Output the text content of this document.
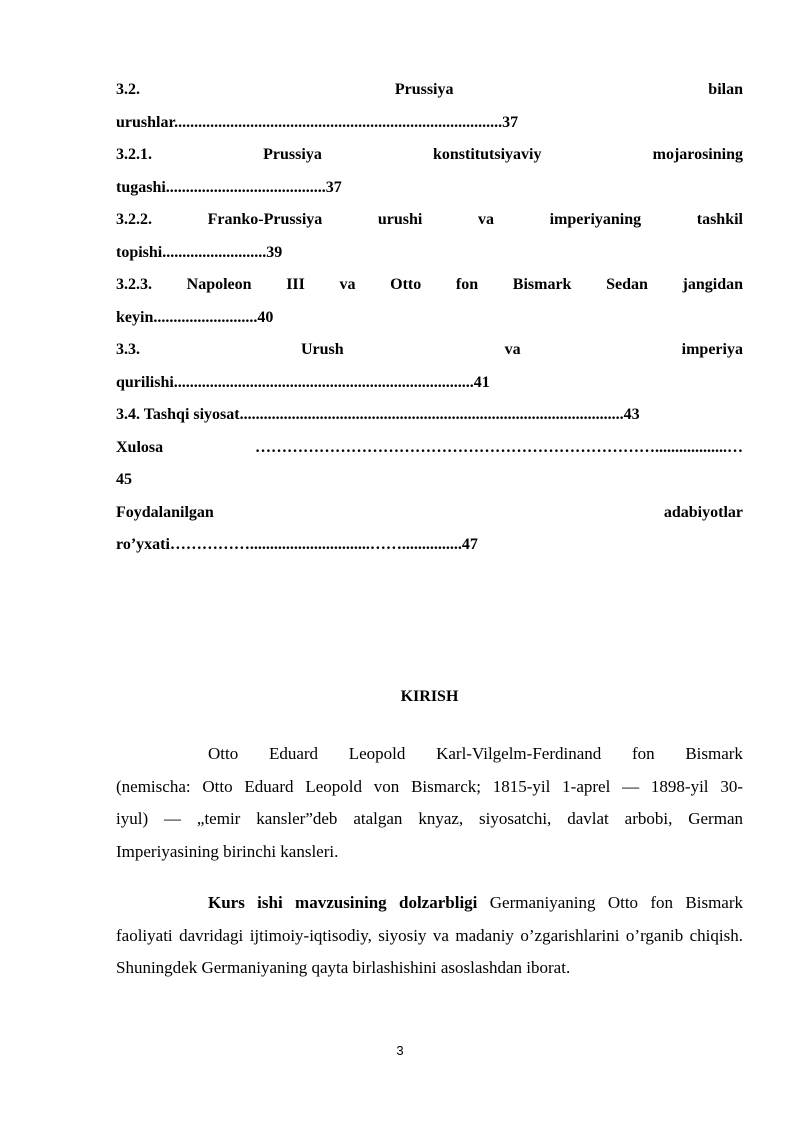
3.2.	Prussiya	bilan
urushlar..................................................................................37
3.2.1.	Prussiya	konstitutsiyaviy	mojarosining
tugashi........................................37
3.2.2.	Franko-Prussiya	urushi	va	imperiyaning	tashkil
topishi..........................39
3.2.3. Napoleon III va Otto fon Bismark Sedan jangidan
keyin..........................40
3.3.	Urush	va	imperiya
qurilishi...........................................................................41
3.4. Tashqi siyosat................................................................................................43
Xulosa	…………………………………………………………………..................…
45
Foydalanilgan	adabiyotlar
ro’yxati……………..............................……...............47
KIRISH
Otto Eduard Leopold Karl-Vilgelm-Ferdinand fon Bismark
(nemischa: Otto Eduard Leopold von Bismarck; 1815-yil 1-aprel — 1898-yil 30-
iyul) — „temir kansler”deb atalgan knyaz, siyosatchi, davlat arbobi, German
Imperiyasining birinchi kansleri.
Kurs ishi mavzusining dolzarbligi Germaniyaning Otto fon Bismark faoliyati davridagi ijtimoiy-iqtisodiy, siyosiy va madaniy o’zgarishlarini o’rganib chiqish. Shuningdek Germaniyaning qayta birlashishini asoslashdan iborat.
3
